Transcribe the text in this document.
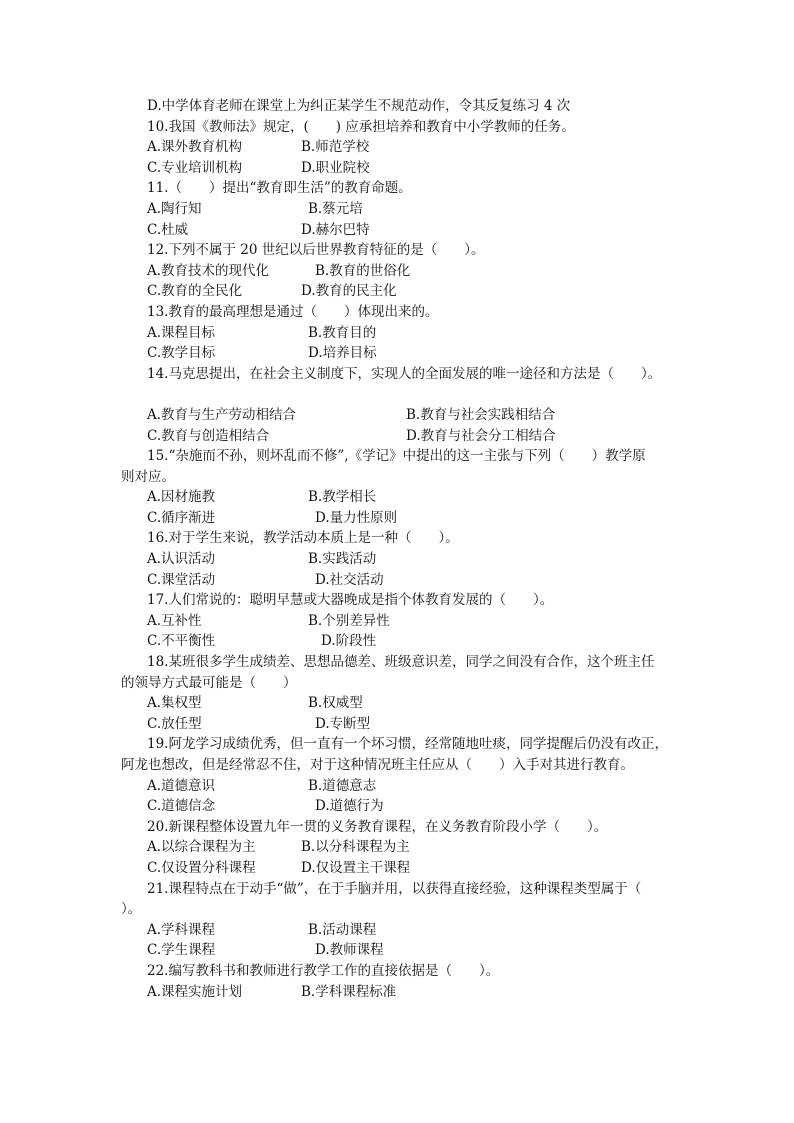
D.中学体育老师在课堂上为纠正某学生不规范动作，令其反复练习 4 次
10.我国《教师法》规定，(　　) 应承担培养和教育中小学教师的任务。
A.课外教育机构	B.师范学校
C.专业培训机构	D.职业院校
11.（　　）提出“教育即生活”的教育命题。
A.陶行知	B.蔡元培
C.杜威	D.赫尔巴特
12.下列不属于 20 世纪以后世界教育特征的是（　　）。
A.教育技术的现代化	B.教育的世俗化
C.教育的全民化	D.教育的民主化
13.教育的最高理想是通过（　　）体现出来的。
A.课程目标	B.教育目的
C.教学目标	D.培养目标
14.马克思提出，在社会主义制度下，实现人的全面发展的唯一途径和方法是（　　）。
A.教育与生产劳动相结合	B.教育与社会实践相结合
C.教育与创造相结合	D.教育与社会分工相结合
15.“杂施而不孙，则坏乱而不修”,《学记》中提出的这一主张与下列（　　）教学原
则对应。
A.因材施教	B.教学相长
C.循序渐进	D.量力性原则
16.对于学生来说，教学活动本质上是一种（　　）。
A.认识活动	B.实践活动
C.课堂活动	D.社交活动
17.人们常说的：聪明早慧或大器晚成是指个体教育发展的（　　）。
A.互补性	B.个别差异性
C.不平衡性	D.阶段性
18.某班很多学生成绩差、思想品德差、班级意识差，同学之间没有合作，这个班主任
的领导方式最可能是（　　）
A.集权型	B.权威型
C.放任型	D.专断型
19.阿龙学习成绩优秀，但一直有一个坏习惯，经常随地吐痰，同学提醒后仍没有改正，
阿龙也想改，但是经常忍不住，对于这种情况班主任应从（　　）入手对其进行教育。
A.道德意识	B.道德意志
C.道德信念	D.道德行为
20.新课程整体设置九年一贯的义务教育课程，在义务教育阶段小学（　　）。
A.以综合课程为主	B.以分科课程为主
C.仅设置分科课程	D.仅设置主干课程
21.课程特点在于动手“做”，在于手脑并用，以获得直接经验，这种课程类型属于（
）。
A.学科课程	B.活动课程
C.学生课程	D.教师课程
22.编写教科书和教师进行教学工作的直接依据是（　　）。
A.课程实施计划	B.学科课程标准
